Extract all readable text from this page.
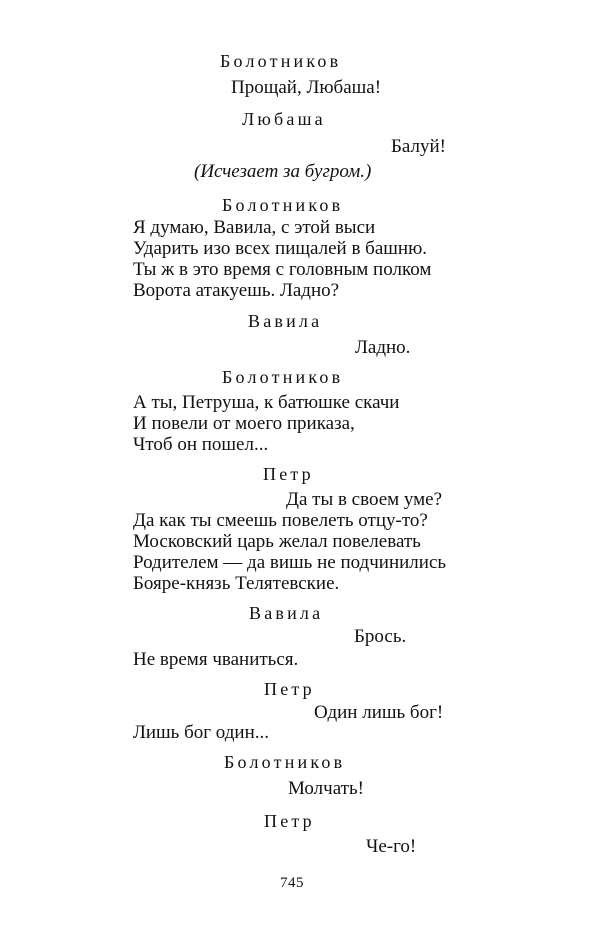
Болотников
Прощай, Любаша!
Любаша
Балуй!
(Исчезает за бугром.)
Болотников
Я думаю, Вавила, с этой выси
Ударить изо всех пищалей в башню.
Ты ж в это время с головным полком
Ворота атакуешь. Ладно?
Вавила
Ладно.
Болотников
А ты, Петруша, к батюшке скачи
И повели от моего приказа,
Чтоб он пошел...
Петр
Да ты в своем уме?
Да как ты смеешь повелеть отцу-то?
Московский царь желал повелевать
Родителем — да вишь не подчинились
Бояре-князь Телятевские.
Вавила
Брось.
Не время чваниться.
Петр
Один лишь бог!
Лишь бог один...
Болотников
Молчать!
Петр
Че-го!
745
